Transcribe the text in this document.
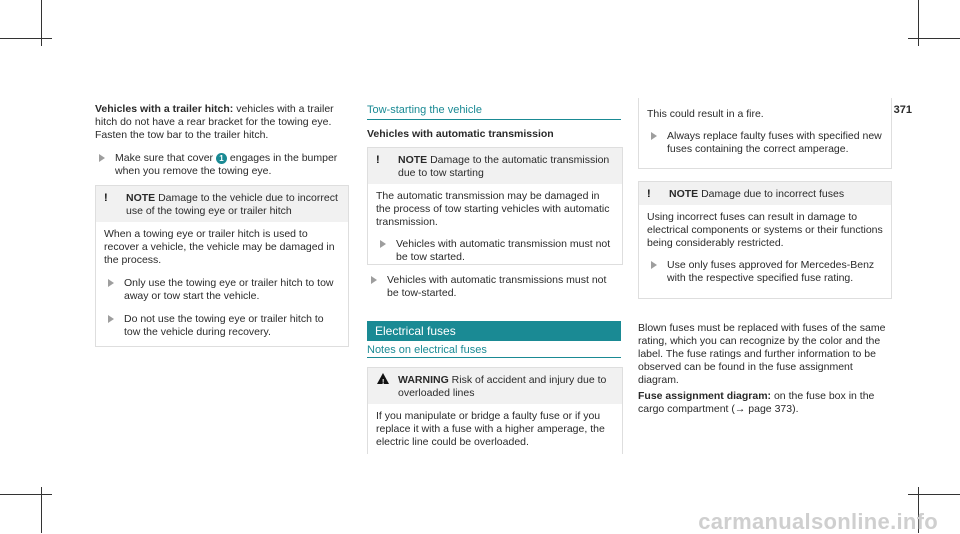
371

Vehicles with a trailer hitch: vehicles with a trailer hitch do not have a rear bracket for the towing eye. Fasten the tow bar to the trailer hitch.

Make sure that cover 1 engages in the bumper when you remove the towing eye.
!	NOTE Damage to the vehicle due to incorrect use of the towing eye or trailer hitch

When a towing eye or trailer hitch is used to recover a vehicle, the vehicle may be damaged in the process.

Only use the towing eye or trailer hitch to tow away or tow start the vehicle.
Do not use the towing eye or trailer hitch to tow the vehicle during recovery.
Tow-starting the vehicle
Vehicles with automatic transmission
!	NOTE Damage to the automatic transmission due to tow starting

The automatic transmission may be damaged in the process of tow starting vehicles with automatic transmission.

Vehicles with automatic transmission must not be tow started.
Vehicles with automatic transmissions must not be tow-started.
Electrical fuses
Notes on electrical fuses
!	WARNING Risk of accident and injury due to overloaded lines

If you manipulate or bridge a faulty fuse or if you replace it with a fuse with a higher amperage, the electric line could be overloaded.

This could result in a fire.

Always replace faulty fuses with specified new fuses containing the correct amperage.
!	NOTE Damage due to incorrect fuses

Using incorrect fuses can result in damage to electrical components or systems or their functions being considerably restricted.

Use only fuses approved for Mercedes-Benz with the respective specified fuse rating.

Blown fuses must be replaced with fuses of the same rating, which you can recognize by the color and the label. The fuse ratings and further information to be observed can be found in the fuse assignment diagram.

Fuse assignment diagram: on the fuse box in the cargo compartment (→ page 373).

carmanualsonline.info
